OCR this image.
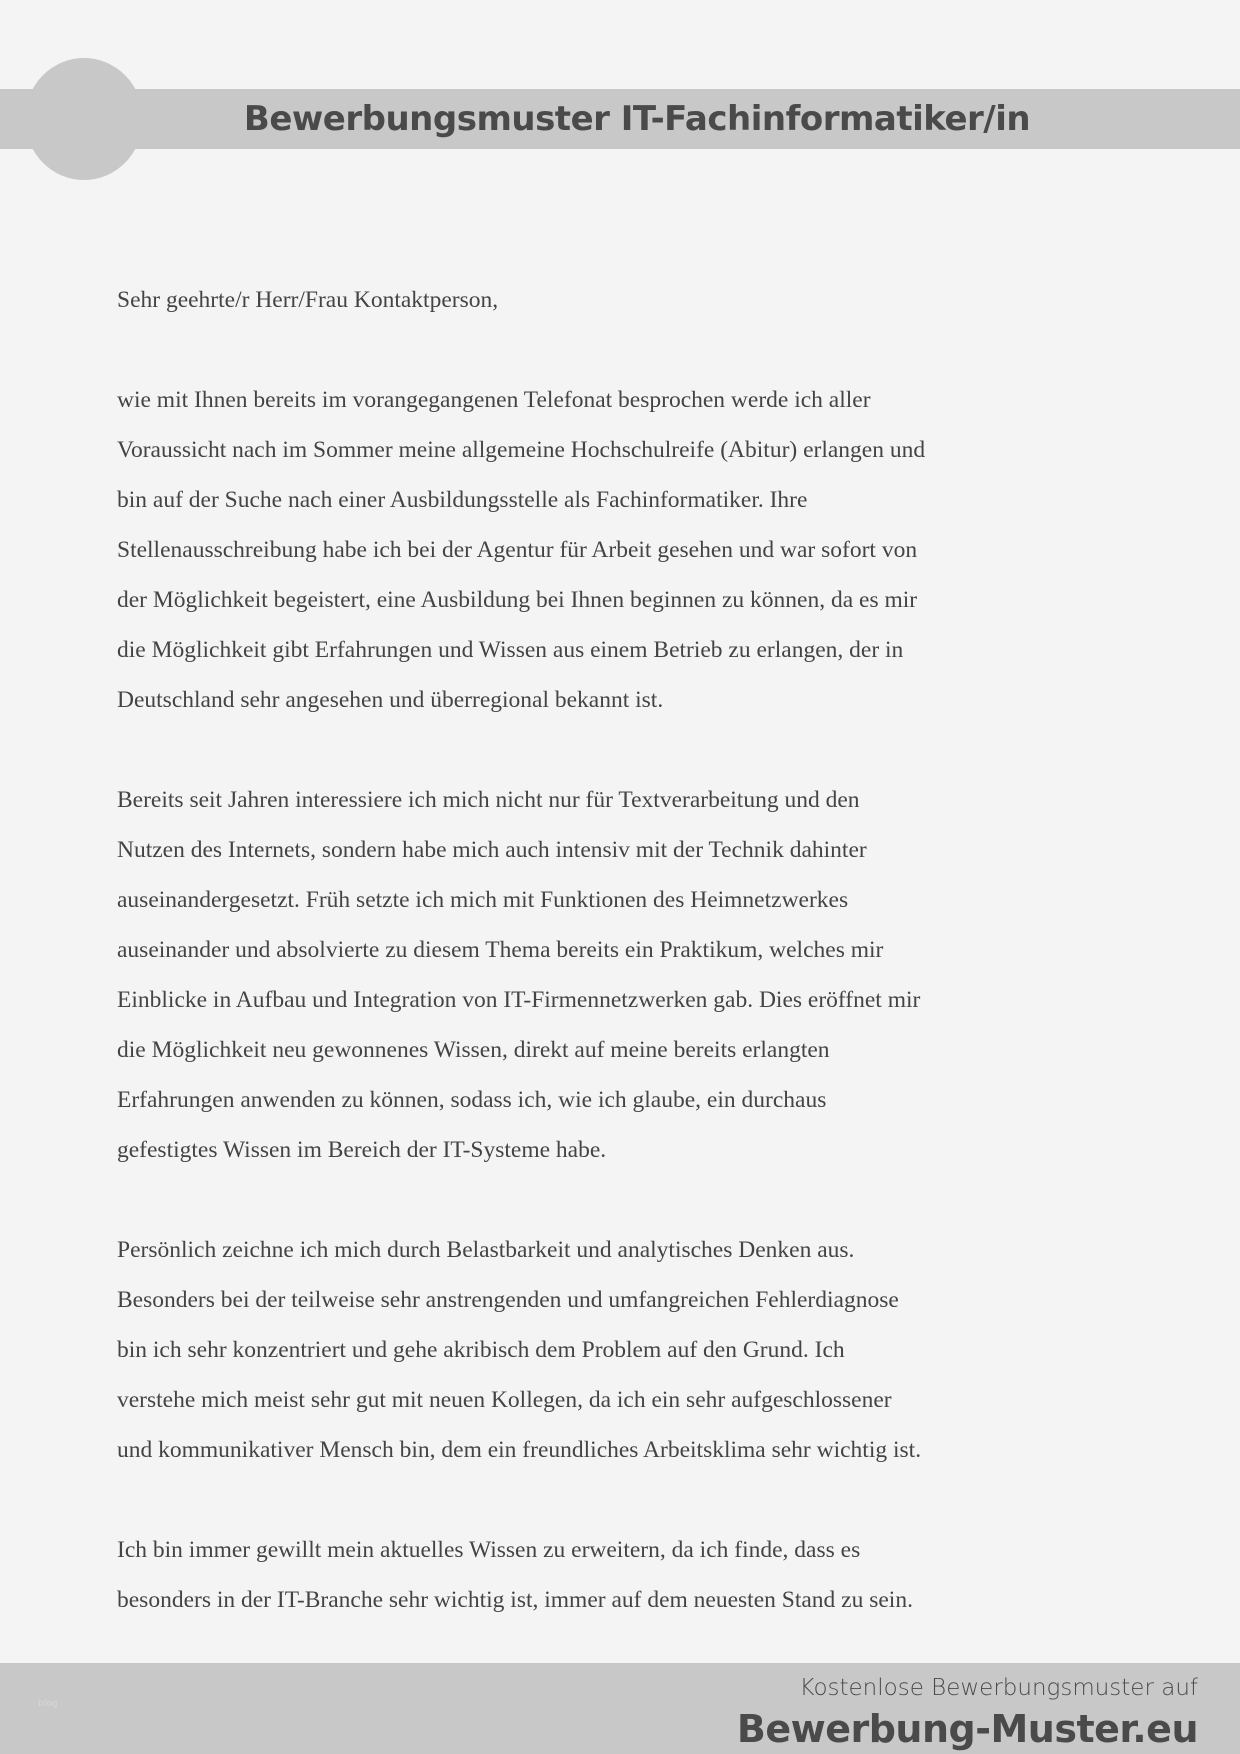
Bewerbungsmuster IT-Fachinformatiker/in
Sehr geehrte/r Herr/Frau Kontaktperson,
wie mit Ihnen bereits im vorangegangenen Telefonat besprochen werde ich aller
Voraussicht nach im Sommer meine allgemeine Hochschulreife (Abitur) erlangen und
bin auf der Suche nach einer Ausbildungsstelle als Fachinformatiker. Ihre
Stellenausschreibung habe ich bei der Agentur für Arbeit gesehen und war sofort von
der Möglichkeit begeistert, eine Ausbildung bei Ihnen beginnen zu können, da es mir
die Möglichkeit gibt Erfahrungen und Wissen aus einem Betrieb zu erlangen, der in
Deutschland sehr angesehen und überregional bekannt ist.
Bereits seit Jahren interessiere ich mich nicht nur für Textverarbeitung und den
Nutzen des Internets, sondern habe mich auch intensiv mit der Technik dahinter
auseinandergesetzt. Früh setzte ich mich mit Funktionen des Heimnetzwerkes
auseinander und absolvierte zu diesem Thema bereits ein Praktikum, welches mir
Einblicke in Aufbau und Integration von IT-Firmennetzwerken gab. Dies eröffnet mir
die Möglichkeit neu gewonnenes Wissen, direkt auf meine bereits erlangten
Erfahrungen anwenden zu können, sodass ich, wie ich glaube, ein durchaus
gefestigtes Wissen im Bereich der IT-Systeme habe.
Persönlich zeichne ich mich durch Belastbarkeit und analytisches Denken aus.
Besonders bei der teilweise sehr anstrengenden und umfangreichen Fehlerdiagnose
bin ich sehr konzentriert und gehe akribisch dem Problem auf den Grund. Ich
verstehe mich meist sehr gut mit neuen Kollegen, da ich ein sehr aufgeschlossener
und kommunikativer Mensch bin, dem ein freundliches Arbeitsklima sehr wichtig ist.
Ich bin immer gewillt mein aktuelles Wissen zu erweitern, da ich finde, dass es
besonders in der IT-Branche sehr wichtig ist, immer auf dem neuesten Stand zu sein.
blog
Kostenlose Bewerbungsmuster auf
Bewerbung-Muster.eu
